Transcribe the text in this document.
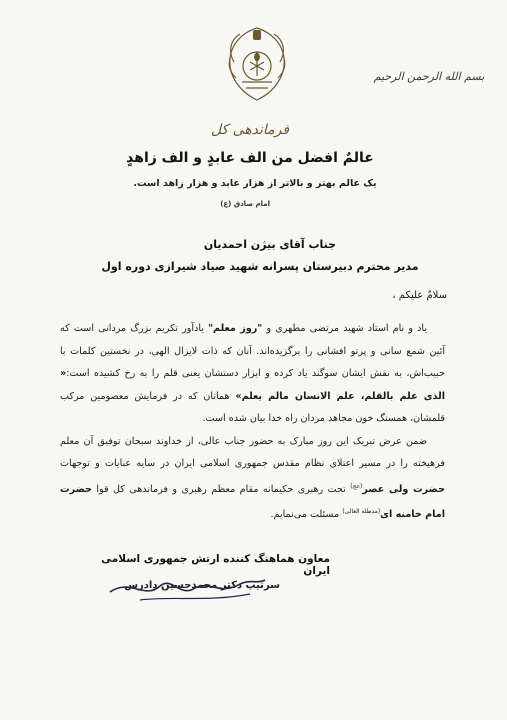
بسم الله الرحمن الرحیم
فرماندهی کل
عالمٌ افضل من الف عابدٍ و الف زاهدٍ
یک عالم بهتر و بالاتر از هزار عابد و هزار زاهد است.
امام صادق (ع)
جناب آقای بیژن احمدیان
مدیر محترم دبیرستان پسرانه شهید صیاد شیرازی دوره اول
سلامٌ علیکم ،

یاد و نام استاد شهید مرتضی مطهری و "روز معلم" یادآور تکریم بزرگ مردانی است که آئین شمع سانی و پرتو افشانی را برگزیده‌اند. آنان که ذات لایزال الهی، در نخستین کلمات با حبیب‌اش، به نقش ایشان سوگند یاد کرده و ابزار دستشان یعنی قلم را به رخ کشیده است:« الذی علم بالقلم، علم الانسان مالم یعلم» همانان که در فرمایش معصومین مرکب قلمشان، همسنگ خون مجاهد مردان راه خدا بیان شده است.

ضمن عرض تبریک این روز مبارک به حضور جناب عالی، از خداوند سبحان توفیق آن معلم فرهیخته را در مسیر اعتلای نظام مقدس جمهوری اسلامی ایران در سایه عنایات و توجهات حضرت ولی عصر$^{(عج)}$ تحت رهبری حکیمانه مقام معظم رهبری و فرماندهی کل قوا حضرت امام خامنه ای$^{(مدظله العالی)}$ مسئلت می‌نمایم.

معاون هماهنگ کننده ارتش جمهوری اسلامی ایران
سرتیپ دکتر محمدحسین دادرس
